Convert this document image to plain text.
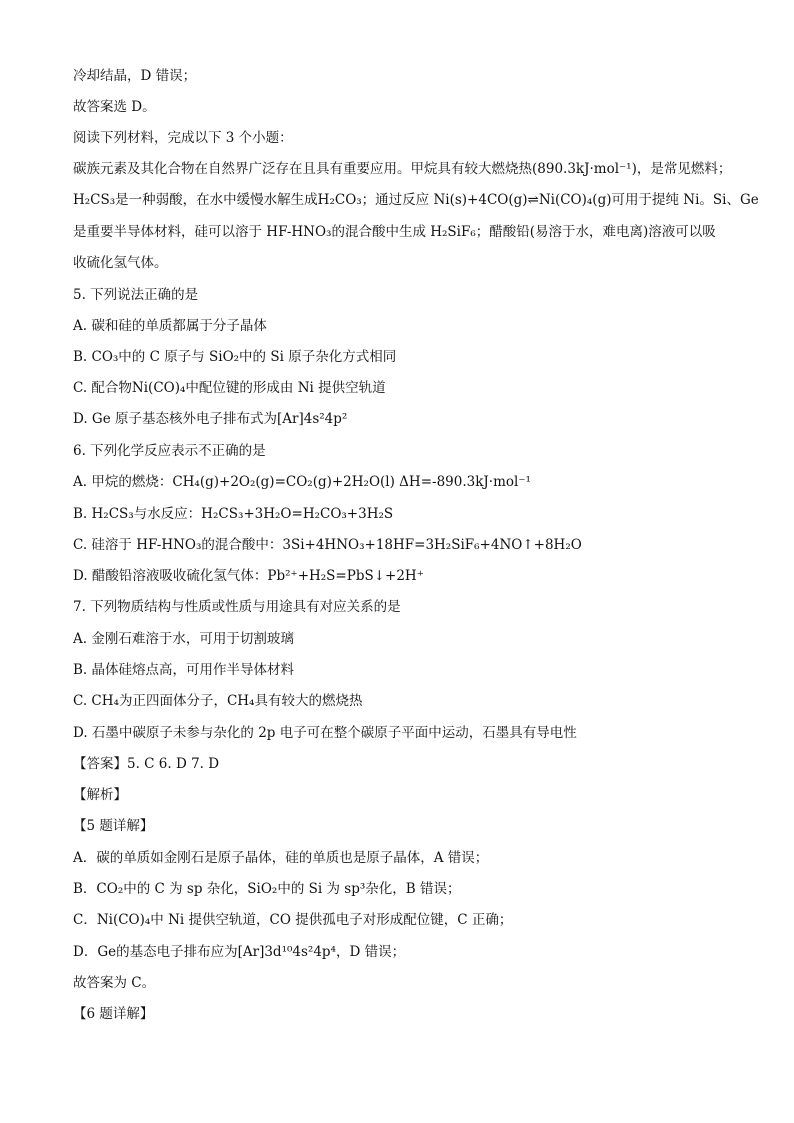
冷却结晶，D 错误；
故答案选 D。
阅读下列材料，完成以下 3 个小题：
碳族元素及其化合物在自然界广泛存在且具有重要应用。甲烷具有较大燃烧热(890.3kJ·mol⁻¹)，是常见燃料；
H₂CS₃是一种弱酸，在水中缓慢水解生成H₂CO₃；通过反应 Ni(s)+4CO(g)⇌Ni(CO)₄(g)可用于提纯 Ni。Si、Ge
是重要半导体材料，硅可以溶于 HF-HNO₃的混合酸中生成 H₂SiF₆；醋酸铅(易溶于水，难电离)溶液可以吸
收硫化氢气体。
5. 下列说法正确的是
A. 碳和硅的单质都属于分子晶体
B. CO₃中的 C 原子与 SiO₂中的 Si 原子杂化方式相同
C. 配合物Ni(CO)₄中配位键的形成由 Ni 提供空轨道
D. Ge 原子基态核外电子排布式为[Ar]4s²4p²
6. 下列化学反应表示不正确的是
A. 甲烷的燃烧：CH₄(g)+2O₂(g)=CO₂(g)+2H₂O(l) ΔH=-890.3kJ·mol⁻¹
B. H₂CS₃与水反应：H₂CS₃+3H₂O=H₂CO₃+3H₂S
C. 硅溶于 HF-HNO₃的混合酸中：3Si+4HNO₃+18HF=3H₂SiF₆+4NO↑+8H₂O
D. 醋酸铅溶液吸收硫化氢气体：Pb²⁺+H₂S=PbS↓+2H⁺
7. 下列物质结构与性质或性质与用途具有对应关系的是
A. 金刚石难溶于水，可用于切割玻璃
B. 晶体硅熔点高，可用作半导体材料
C. CH₄为正四面体分子，CH₄具有较大的燃烧热
D. 石墨中碳原子未参与杂化的 2p 电子可在整个碳原子平面中运动，石墨具有导电性
【答案】5. C 6. D 7. D
【解析】
【5 题详解】
A．碳的单质如金刚石是原子晶体，硅的单质也是原子晶体，A 错误；
B．CO₂中的 C 为 sp 杂化，SiO₂中的 Si 为 sp³杂化，B 错误；
C．Ni(CO)₄中 Ni 提供空轨道，CO 提供孤电子对形成配位键，C 正确；
D．Ge的基态电子排布应为[Ar]3d¹⁰4s²4p⁴，D 错误；
故答案为 C。
【6 题详解】
